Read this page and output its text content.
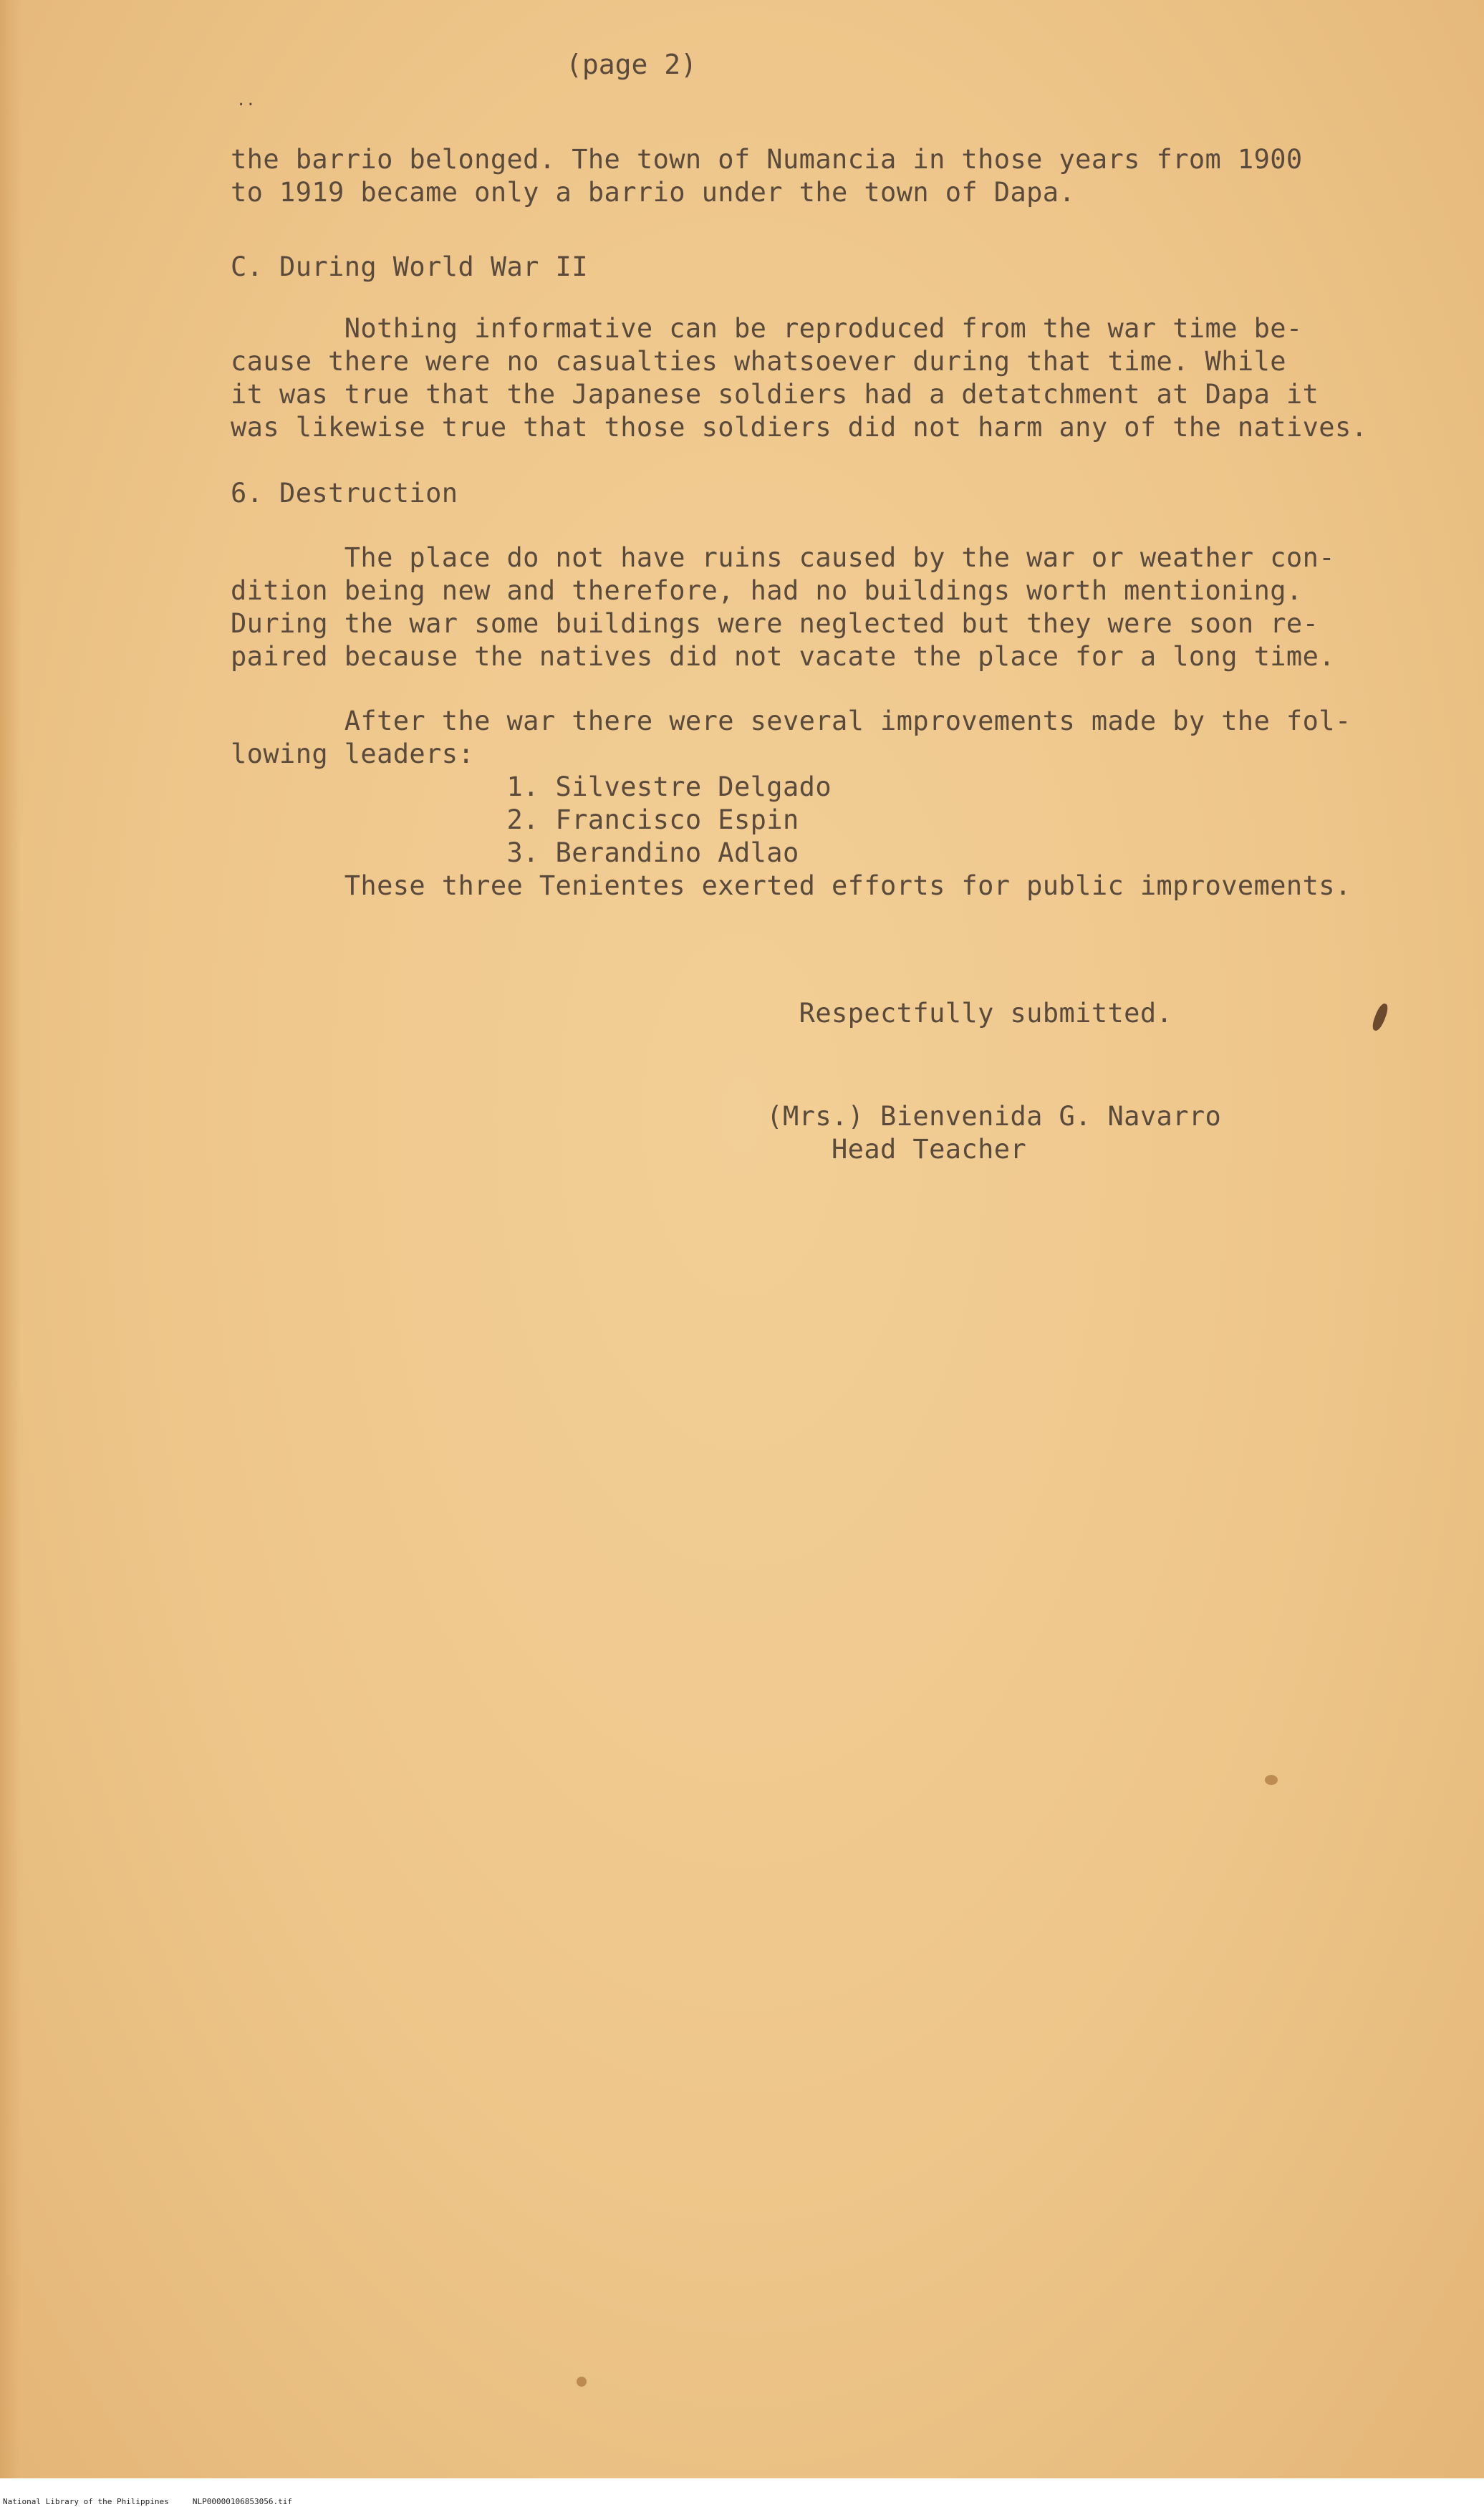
(page 2)
..
the barrio belonged. The town of Numancia in those years from 1900
to 1919 became only a barrio under the town of Dapa.
C. During World War II
Nothing informative can be reproduced from the war time be-
cause there were no casualties whatsoever during that time. While
it was true that the Japanese soldiers had a detatchment at Dapa it
was likewise true that those soldiers did not harm any of the natives.
6. Destruction
The place do not have ruins caused by the war or weather con-
dition being new and therefore, had no buildings worth mentioning.
During the war some buildings were neglected but they were soon re-
paired because the natives did not vacate the place for a long time.
After the war there were several improvements made by the fol-
lowing leaders:
1. Silvestre Delgado
2. Francisco Espin
3. Berandino Adlao
These three Tenientes exerted efforts for public improvements.
Respectfully submitted.
(Mrs.) Bienvenida G. Navarro
Head Teacher
National Library of the Philippines     NLP00000106853056.tif
